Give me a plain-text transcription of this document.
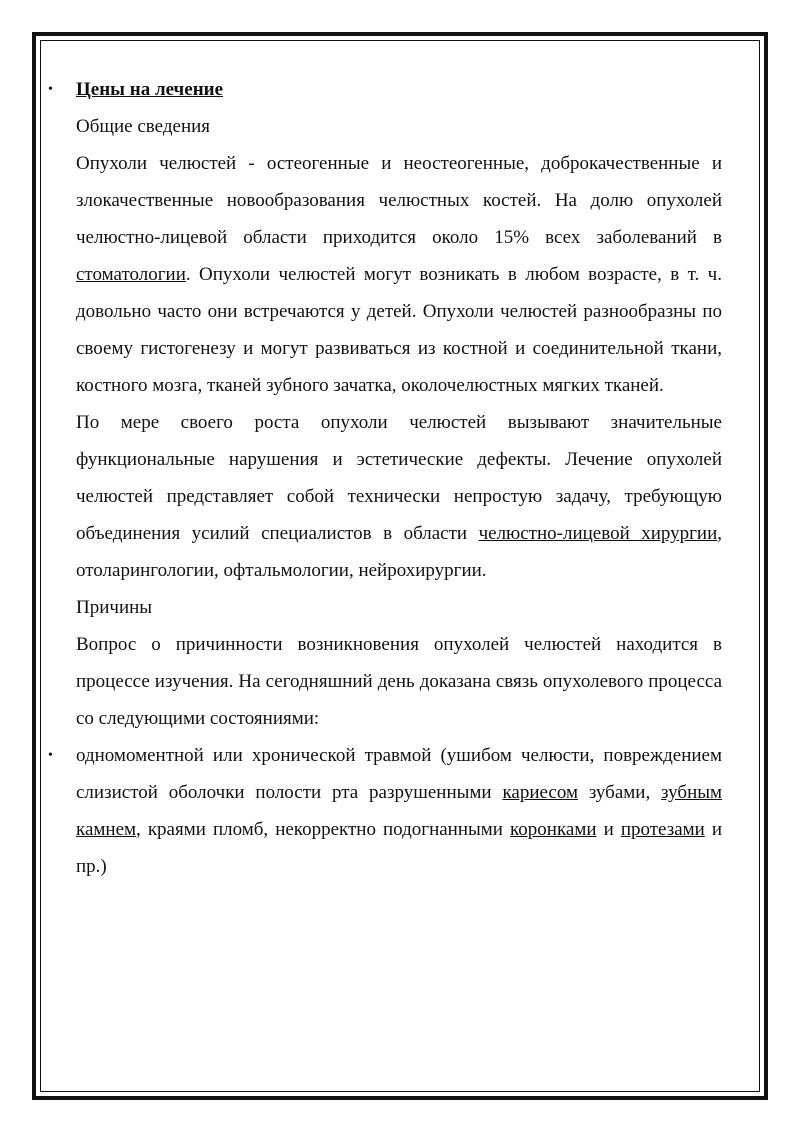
• Цены на лечение

Общие сведения

Опухоли челюстей - остеогенные и неостеогенные, доброкачественные и злокачественные новообразования челюстных костей. На долю опухолей челюстно-лицевой области приходится около 15% всех заболеваний в стоматологии. Опухоли челюстей могут возникать в любом возрасте, в т. ч. довольно часто они встречаются у детей. Опухоли челюстей разнообразны по своему гистогенезу и могут развиваться из костной и соединительной ткани, костного мозга, тканей зубного зачатка, околочелюстных мягких тканей.

По мере своего роста опухоли челюстей вызывают значительные функциональные нарушения и эстетические дефекты. Лечение опухолей челюстей представляет собой технически непростую задачу, требующую объединения усилий специалистов в области челюстно-лицевой хирургии, отоларингологии, офтальмологии, нейрохирургии.

Причины

Вопрос о причинности возникновения опухолей челюстей находится в процессе изучения. На сегодняшний день доказана связь опухолевого процесса со следующими состояниями:

• одномоментной или хронической травмой (ушибом челюсти, повреждением слизистой оболочки полости рта разрушенными кариесом зубами, зубным камнем, краями пломб, некорректно подогнанными коронками и протезами и пр.)
